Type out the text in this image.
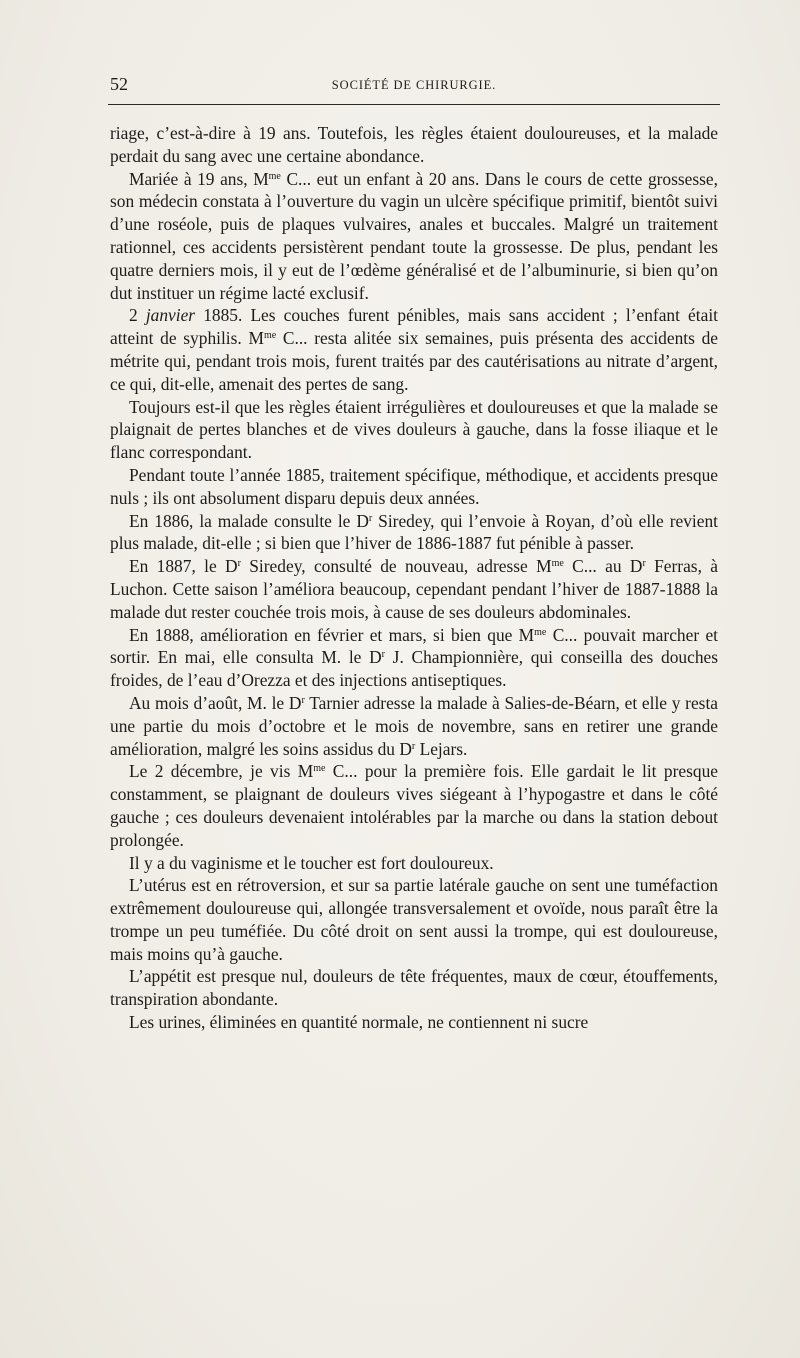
52	SOCIÉTÉ DE CHIRURGIE.

riage, c’est-à-dire à 19 ans. Toutefois, les règles étaient douloureuses, et la malade perdait du sang avec une certaine abondance.

Mariée à 19 ans, $M^{me}$ C... eut un enfant à 20 ans. Dans le cours de cette grossesse, son médecin constata à l’ouverture du vagin un ulcère spécifique primitif, bientôt suivi d’une roséole, puis de plaques vulvaires, anales et buccales. Malgré un traitement rationnel, ces accidents persistèrent pendant toute la grossesse. De plus, pendant les quatre derniers mois, il y eut de l’œdème généralisé et de l’albuminurie, si bien qu’on dut instituer un régime lacté exclusif.

2 janvier 1885. Les couches furent pénibles, mais sans accident ; l’enfant était atteint de syphilis. $M^{me}$ C... resta alitée six semaines, puis présenta des accidents de métrite qui, pendant trois mois, furent traités par des cautérisations au nitrate d’argent, ce qui, dit-elle, amenait des pertes de sang.

Toujours est-il que les règles étaient irrégulières et douloureuses et que la malade se plaignait de pertes blanches et de vives douleurs à gauche, dans la fosse iliaque et le flanc correspondant.

Pendant toute l’année 1885, traitement spécifique, méthodique, et accidents presque nuls ; ils ont absolument disparu depuis deux années.

En 1886, la malade consulte le $D^r$ Siredey, qui l’envoie à Royan, d’où elle revient plus malade, dit-elle ; si bien que l’hiver de 1886-1887 fut pénible à passer.

En 1887, le $D^r$ Siredey, consulté de nouveau, adresse $M^{me}$ C... au $D^r$ Ferras, à Luchon. Cette saison l’améliora beaucoup, cependant pendant l’hiver de 1887-1888 la malade dut rester couchée trois mois, à cause de ses douleurs abdominales.

En 1888, amélioration en février et mars, si bien que $M^{me}$ C... pouvait marcher et sortir. En mai, elle consulta M. le $D^r$ J. Championnière, qui conseilla des douches froides, de l’eau d’Orezza et des injections antiseptiques.

Au mois d’août, M. le $D^r$ Tarnier adresse la malade à Salies-de-Béarn, et elle y resta une partie du mois d’octobre et le mois de novembre, sans en retirer une grande amélioration, malgré les soins assidus du $D^r$ Lejars.

Le 2 décembre, je vis $M^{me}$ C... pour la première fois. Elle gardait le lit presque constamment, se plaignant de douleurs vives siégeant à l’hypogastre et dans le côté gauche ; ces douleurs devenaient intolérables par la marche ou dans la station debout prolongée.

Il y a du vaginisme et le toucher est fort douloureux.

L’utérus est en rétroversion, et sur sa partie latérale gauche on sent une tuméfaction extrêmement douloureuse qui, allongée transversalement et ovoïde, nous paraît être la trompe un peu tuméfiée. Du côté droit on sent aussi la trompe, qui est douloureuse, mais moins qu’à gauche.

L’appétit est presque nul, douleurs de tête fréquentes, maux de cœur, étouffements, transpiration abondante.

Les urines, éliminées en quantité normale, ne contiennent ni sucre
